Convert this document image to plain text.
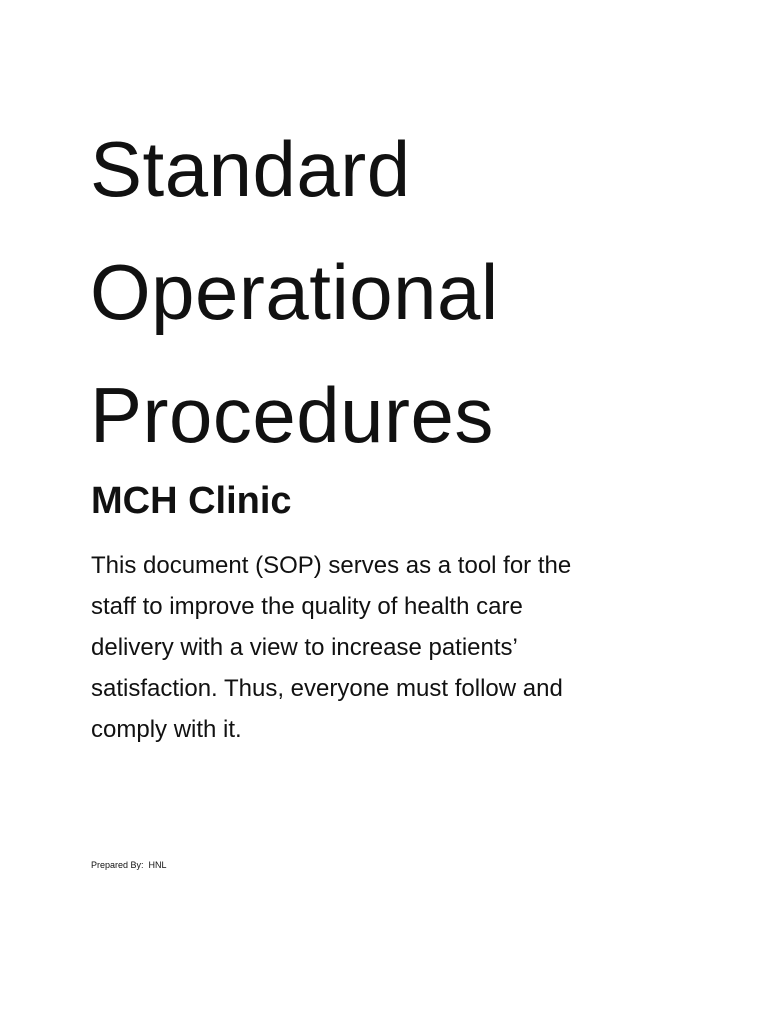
Standard
Operational
Procedures
MCH Clinic
This document (SOP) serves as a tool for the
staff to improve the quality of health care
delivery with a view to increase patients’
satisfaction. Thus, everyone must follow and
comply with it.
Prepared By: HNL
